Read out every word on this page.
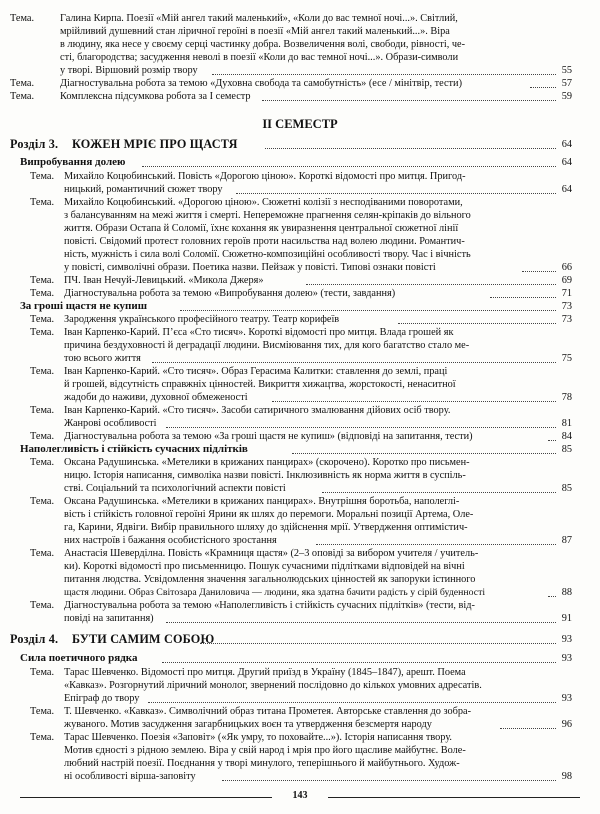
Тема.	Галина Кирпа. Поезії «Мій ангел такий маленький», «Коли до вас темної ночі...». Світлий,
мрійливий душевний стан ліричної героїні в поезії «Мій ангел такий маленький...». Віра
в людину, яка несе у своєму серці частинку добра. Возвеличення волі, свободи, рівності, че-
сті, благородства; засудження неволі в поезії «Коли до вас темної ночі...». Образи-символи
у творі. Віршовий розмір твору	55
Тема.	Діагностувальна робота за темою «Духовна свобода та самобутність» (есе / мінітвір, тести)	57
Тема.	Комплексна підсумкова робота за І семестр	59
ІІ СЕМЕСТР
Розділ 3. КОЖЕН МРІЄ ПРО ЩАСТЯ	64
Випробування долею	64
Тема. Михайло Коцюбинський. Повість «Дорогою ціною». Короткі відомості про митця. Пригод-
ницький, романтичний сюжет твору	64
Тема. Михайло Коцюбинський. «Дорогою ціною». Сюжетні колізії з несподіваними поворотами,
з балансуванням на межі життя і смерті. Непереможне прагнення селян-кріпаків до вільного
життя. Образи Остапа й Соломії, їхнє кохання як увиразнення центральної сюжетної лінії
повісті. Свідомий протест головних героїв проти насильства над волею людини. Романтич-
ність, мужність і сила волі Соломії. Сюжетно-композиційні особливості твору. Час і вічність
у повісті, символічні образи. Поетика назви. Пейзаж у повісті. Типові ознаки повісті	66
Тема. ПЧ. Іван Нечуй-Левицький. «Микола Джеря»	69
Тема. Діагностувальна робота за темою «Випробування долею» (тести, завдання)	71
За гроші щастя не купиш	73
Тема. Зародження українського професійного театру. Театр корифеїв	73
Тема. Іван Карпенко-Карий. П’єса «Сто тисяч». Короткі відомості про митця. Влада грошей як
причина бездуховності й деградації людини. Висміювання тих, для кого багатство стало ме-
тою всього життя	75
Тема. Іван Карпенко-Карий. «Сто тисяч». Образ Герасима Калитки: ставлення до землі, праці
й грошей, відсутність справжніх цінностей. Викриття хижацтва, жорстокості, ненаситної
жадоби до наживи, духовної обмеженості	78
Тема. Іван Карпенко-Карий. «Сто тисяч». Засоби сатиричного змалювання дійових осіб твору.
Жанрові особливості	81
Тема. Діагностувальна робота за темою «За гроші щастя не купиш» (відповіді на запитання, тести)	84
Наполегливість і стійкість сучасних підлітків	85
Тема. Оксана Радушинська. «Метелики в крижаних панцирах» (скорочено). Коротко про письмен-
ницю. Історія написання, символіка назви повісті. Інклюзивність як норма життя в суспіль-
стві. Соціальний та психологічний аспекти повісті	85
Тема. Оксана Радушинська. «Метелики в крижаних панцирах». Внутрішня боротьба, наполеглi-
вість і стійкість головної героїні Ярини як шлях до перемоги. Моральні позиції Артема, Оле-
га, Карини, Ядвіги. Вибір правильного шляху до здійснення мрії. Утвердження оптимістич-
них настроїв і бажання особистісного зростання	87
Тема. Анастасія Шеверділна. Повість «Крамниця щастя» (2–3 оповіді за вибором учителя / учитель-
ки). Короткі відомості про письменницю. Пошук сучасними підлітками відповідей на вічні
питання людства. Усвідомлення значення загальнолюдських цінностей як запоруки істинного
щастя людини. Образ Світозара Даниловича — людини, яка здатна бачити радість у сірій буденності	88
Тема. Діагностувальна робота за темою «Наполегливість і стійкість сучасних підлітків» (тести, від-
повіді на запитання)	91
Розділ 4. БУТИ САМИМ СОБОЮ	93
Сила поетичного рядка	93
Тема. Тарас Шевченко. Відомості про митця. Другий приїзд в Україну (1845–1847), арешт. Поема
«Кавказ». Розгорнутий ліричний монолог, звернений послідовно до кількох умовних адресатів.
Епіграф до твору	93
Тема. Т. Шевченко. «Кавказ». Символічний образ титана Прометея. Авторське ставлення до зобра-
жуваного. Мотив засудження загарбницьких воєн та утвердження безсмертя народу	96
Тема. Тарас Шевченко. Поезія «Заповіт» («Як умру, то поховайте...»). Історія написання твору.
Мотив єдності з рідною землею. Віра у свій народ і мрія про його щасливе майбутнє. Воле-
любний настрій поезії. Поєднання у творі минулого, теперішнього й майбутнього. Худож-
ні особливості вірша-заповіту	98
143
